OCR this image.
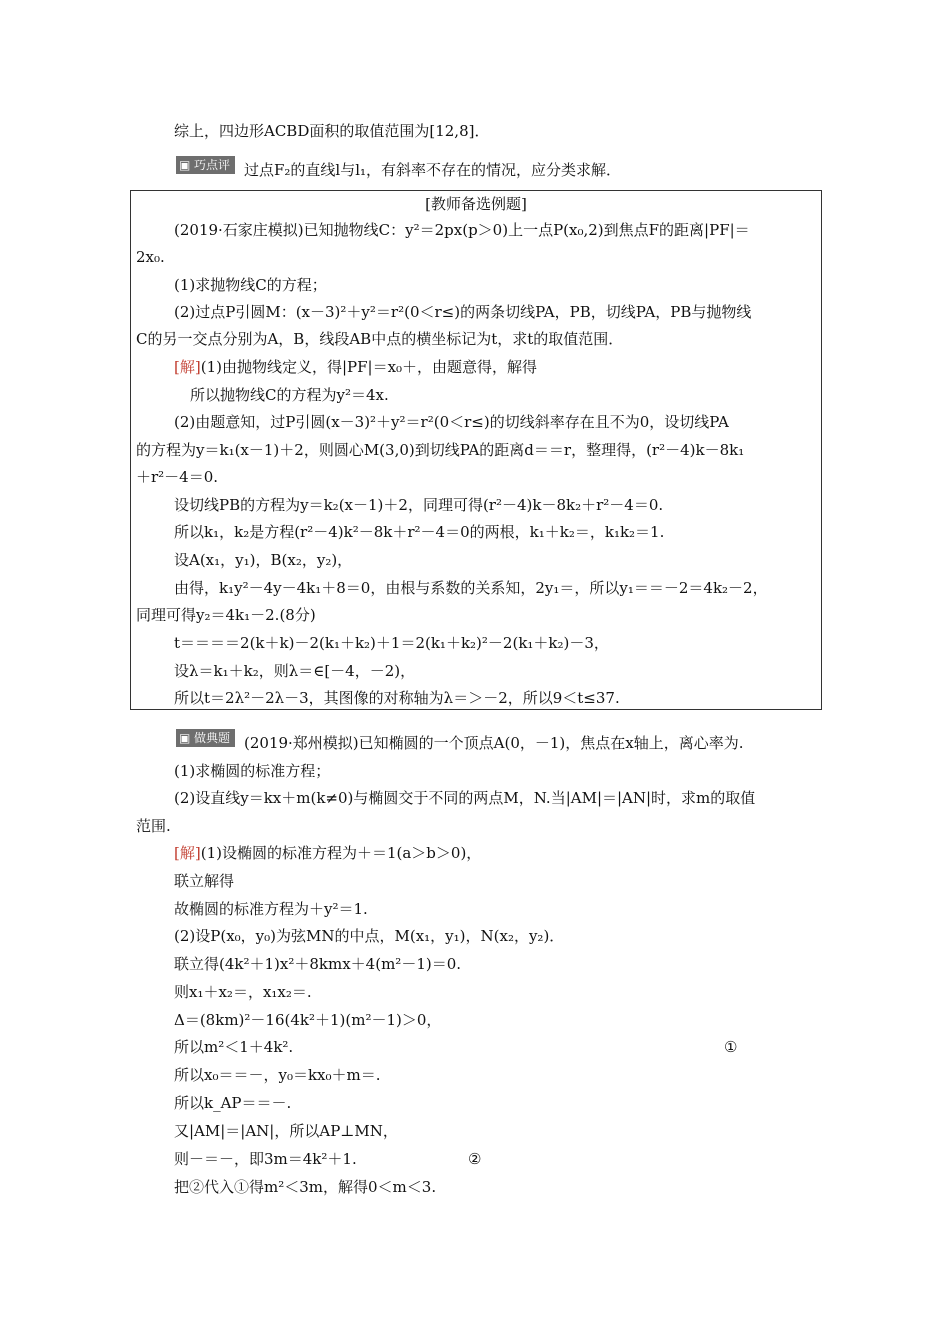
综上，四边形ACBD面积的取值范围为[12,8]．
▣ 巧点评 过点F₂的直线l与l₁，有斜率不存在的情况，应分类求解．
[教师备选例题]
(2019·石家庄模拟)已知抛物线C：y²＝2px(p＞0)上一点P(x₀,2)到焦点F的距离|PF|＝
2x₀.
(1)求抛物线C的方程；
(2)过点P引圆M：(x－3)²＋y²＝r²(0＜r≤)的两条切线PA，PB，切线PA，PB与抛物线
C的另一交点分别为A，B，线段AB中点的横坐标记为t，求t的取值范围．
[解](1)由抛物线定义，得|PF|＝x₀＋，由题意得，解得
所以抛物线C的方程为y²＝4x.
(2)由题意知，过P引圆(x－3)²＋y²＝r²(0＜r≤)的切线斜率存在且不为0，设切线PA
的方程为y＝k₁(x－1)＋2，则圆心M(3,0)到切线PA的距离d＝＝r，整理得，(r²－4)k－8k₁
＋r²－4＝0.
设切线PB的方程为y＝k₂(x－1)＋2，同理可得(r²－4)k－8k₂＋r²－4＝0.
所以k₁，k₂是方程(r²－4)k²－8k＋r²－4＝0的两根，k₁＋k₂＝，k₁k₂＝1.
设A(x₁，y₁)，B(x₂，y₂)，
由得，k₁y²－4y－4k₁＋8＝0，由根与系数的关系知，2y₁＝，所以y₁＝＝－2＝4k₂－2，
同理可得y₂＝4k₁－2.(8分)
t＝＝＝＝2(k＋k)－2(k₁＋k₂)＋1＝2(k₁＋k₂)²－2(k₁＋k₂)－3，
设λ＝k₁＋k₂，则λ＝∈[－4，－2)，
所以t＝2λ²－2λ－3，其图像的对称轴为λ＝＞－2，所以9＜t≤37.
▣ 做典题 (2019·郑州模拟)已知椭圆的一个顶点A(0，－1)，焦点在x轴上，离心率为.
(1)求椭圆的标准方程；
(2)设直线y＝kx＋m(k≠0)与椭圆交于不同的两点M，N.当|AM|＝|AN|时，求m的取值
范围.
[解](1)设椭圆的标准方程为＋＝1(a＞b＞0)，
联立解得
故椭圆的标准方程为＋y²＝1.
(2)设P(x₀，y₀)为弦MN的中点，M(x₁，y₁)，N(x₂，y₂)．
联立得(4k²＋1)x²＋8kmx＋4(m²－1)＝0.
则x₁＋x₂＝，x₁x₂＝.
Δ＝(8km)²－16(4k²＋1)(m²－1)＞0，
所以m²＜1＋4k².	①
所以x₀＝＝－，y₀＝kx₀＋m＝.
所以k_AP＝＝－.
又|AM|＝|AN|，所以AP⊥MN，
则－＝－，即3m＝4k²＋1.	②
把②代入①得m²＜3m，解得0＜m＜3.
